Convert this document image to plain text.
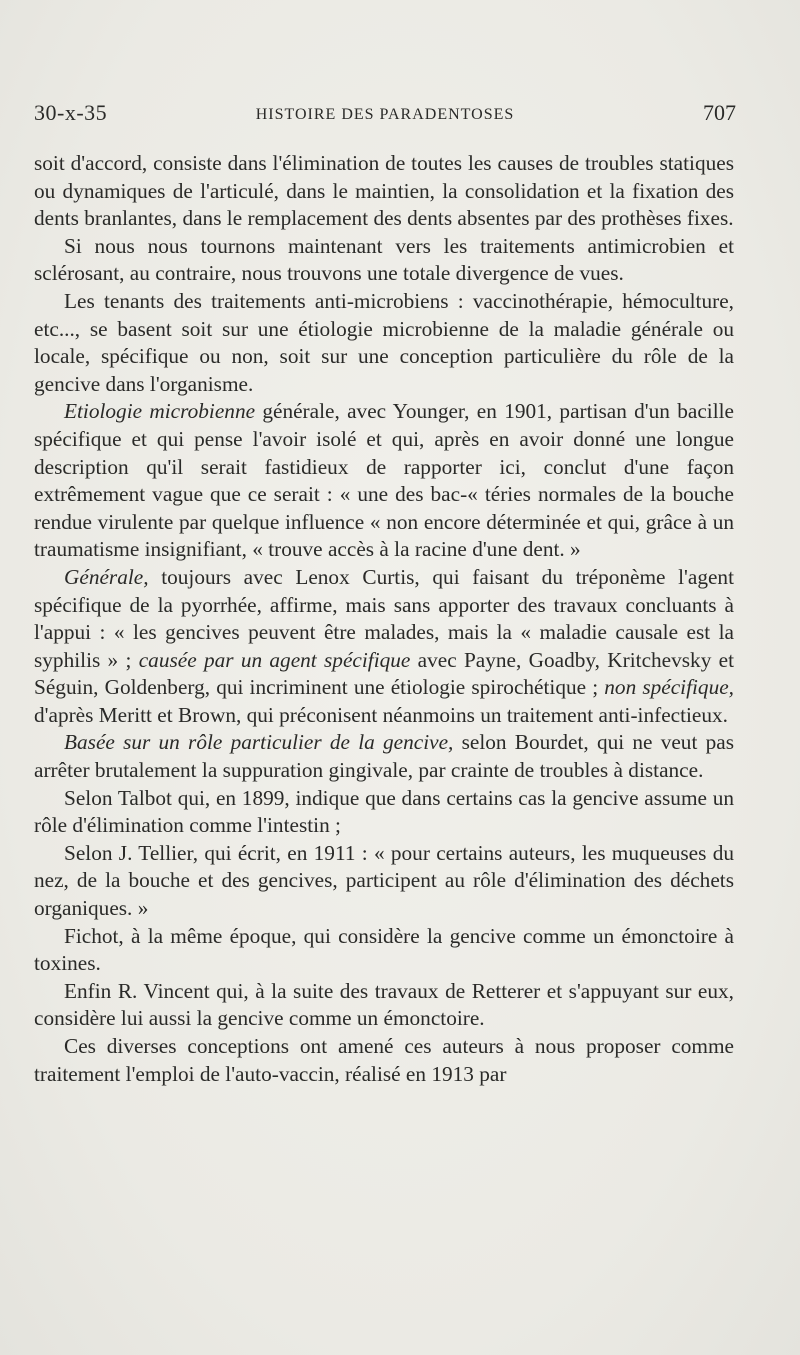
30-x-35	HISTOIRE DES PARADENTOSES	707

soit d'accord, consiste dans l'élimination de toutes les causes de troubles statiques ou dynamiques de l'articulé, dans le maintien, la consolidation et la fixation des dents branlantes, dans le remplacement des dents absentes par des prothèses fixes.

Si nous nous tournons maintenant vers les traitements antimicrobien et sclérosant, au contraire, nous trouvons une totale divergence de vues.

Les tenants des traitements anti-microbiens : vaccinothérapie, hémoculture, etc..., se basent soit sur une étiologie microbienne de la maladie générale ou locale, spécifique ou non, soit sur une conception particulière du rôle de la gencive dans l'organisme.

Etiologie microbienne générale, avec Younger, en 1901, partisan d'un bacille spécifique et qui pense l'avoir isolé et qui, après en avoir donné une longue description qu'il serait fastidieux de rapporter ici, conclut d'une façon extrêmement vague que ce serait : « une des bac-« téries normales de la bouche rendue virulente par quelque influence « non encore déterminée et qui, grâce à un traumatisme insignifiant, « trouve accès à la racine d'une dent. »

Générale, toujours avec Lenox Curtis, qui faisant du tréponème l'agent spécifique de la pyorrhée, affirme, mais sans apporter des travaux concluants à l'appui : « les gencives peuvent être malades, mais la « maladie causale est la syphilis » ; causée par un agent spécifique avec Payne, Goadby, Kritchevsky et Séguin, Goldenberg, qui incriminent une étiologie spirochétique ; non spécifique, d'après Meritt et Brown, qui préconisent néanmoins un traitement anti-infectieux.

Basée sur un rôle particulier de la gencive, selon Bourdet, qui ne veut pas arrêter brutalement la suppuration gingivale, par crainte de troubles à distance.

Selon Talbot qui, en 1899, indique que dans certains cas la gencive assume un rôle d'élimination comme l'intestin ;

Selon J. Tellier, qui écrit, en 1911 : « pour certains auteurs, les muqueuses du nez, de la bouche et des gencives, participent au rôle d'élimination des déchets organiques. »

Fichot, à la même époque, qui considère la gencive comme un émonctoire à toxines.

Enfin R. Vincent qui, à la suite des travaux de Retterer et s'appuyant sur eux, considère lui aussi la gencive comme un émonctoire.

Ces diverses conceptions ont amené ces auteurs à nous proposer comme traitement l'emploi de l'auto-vaccin, réalisé en 1913 par
